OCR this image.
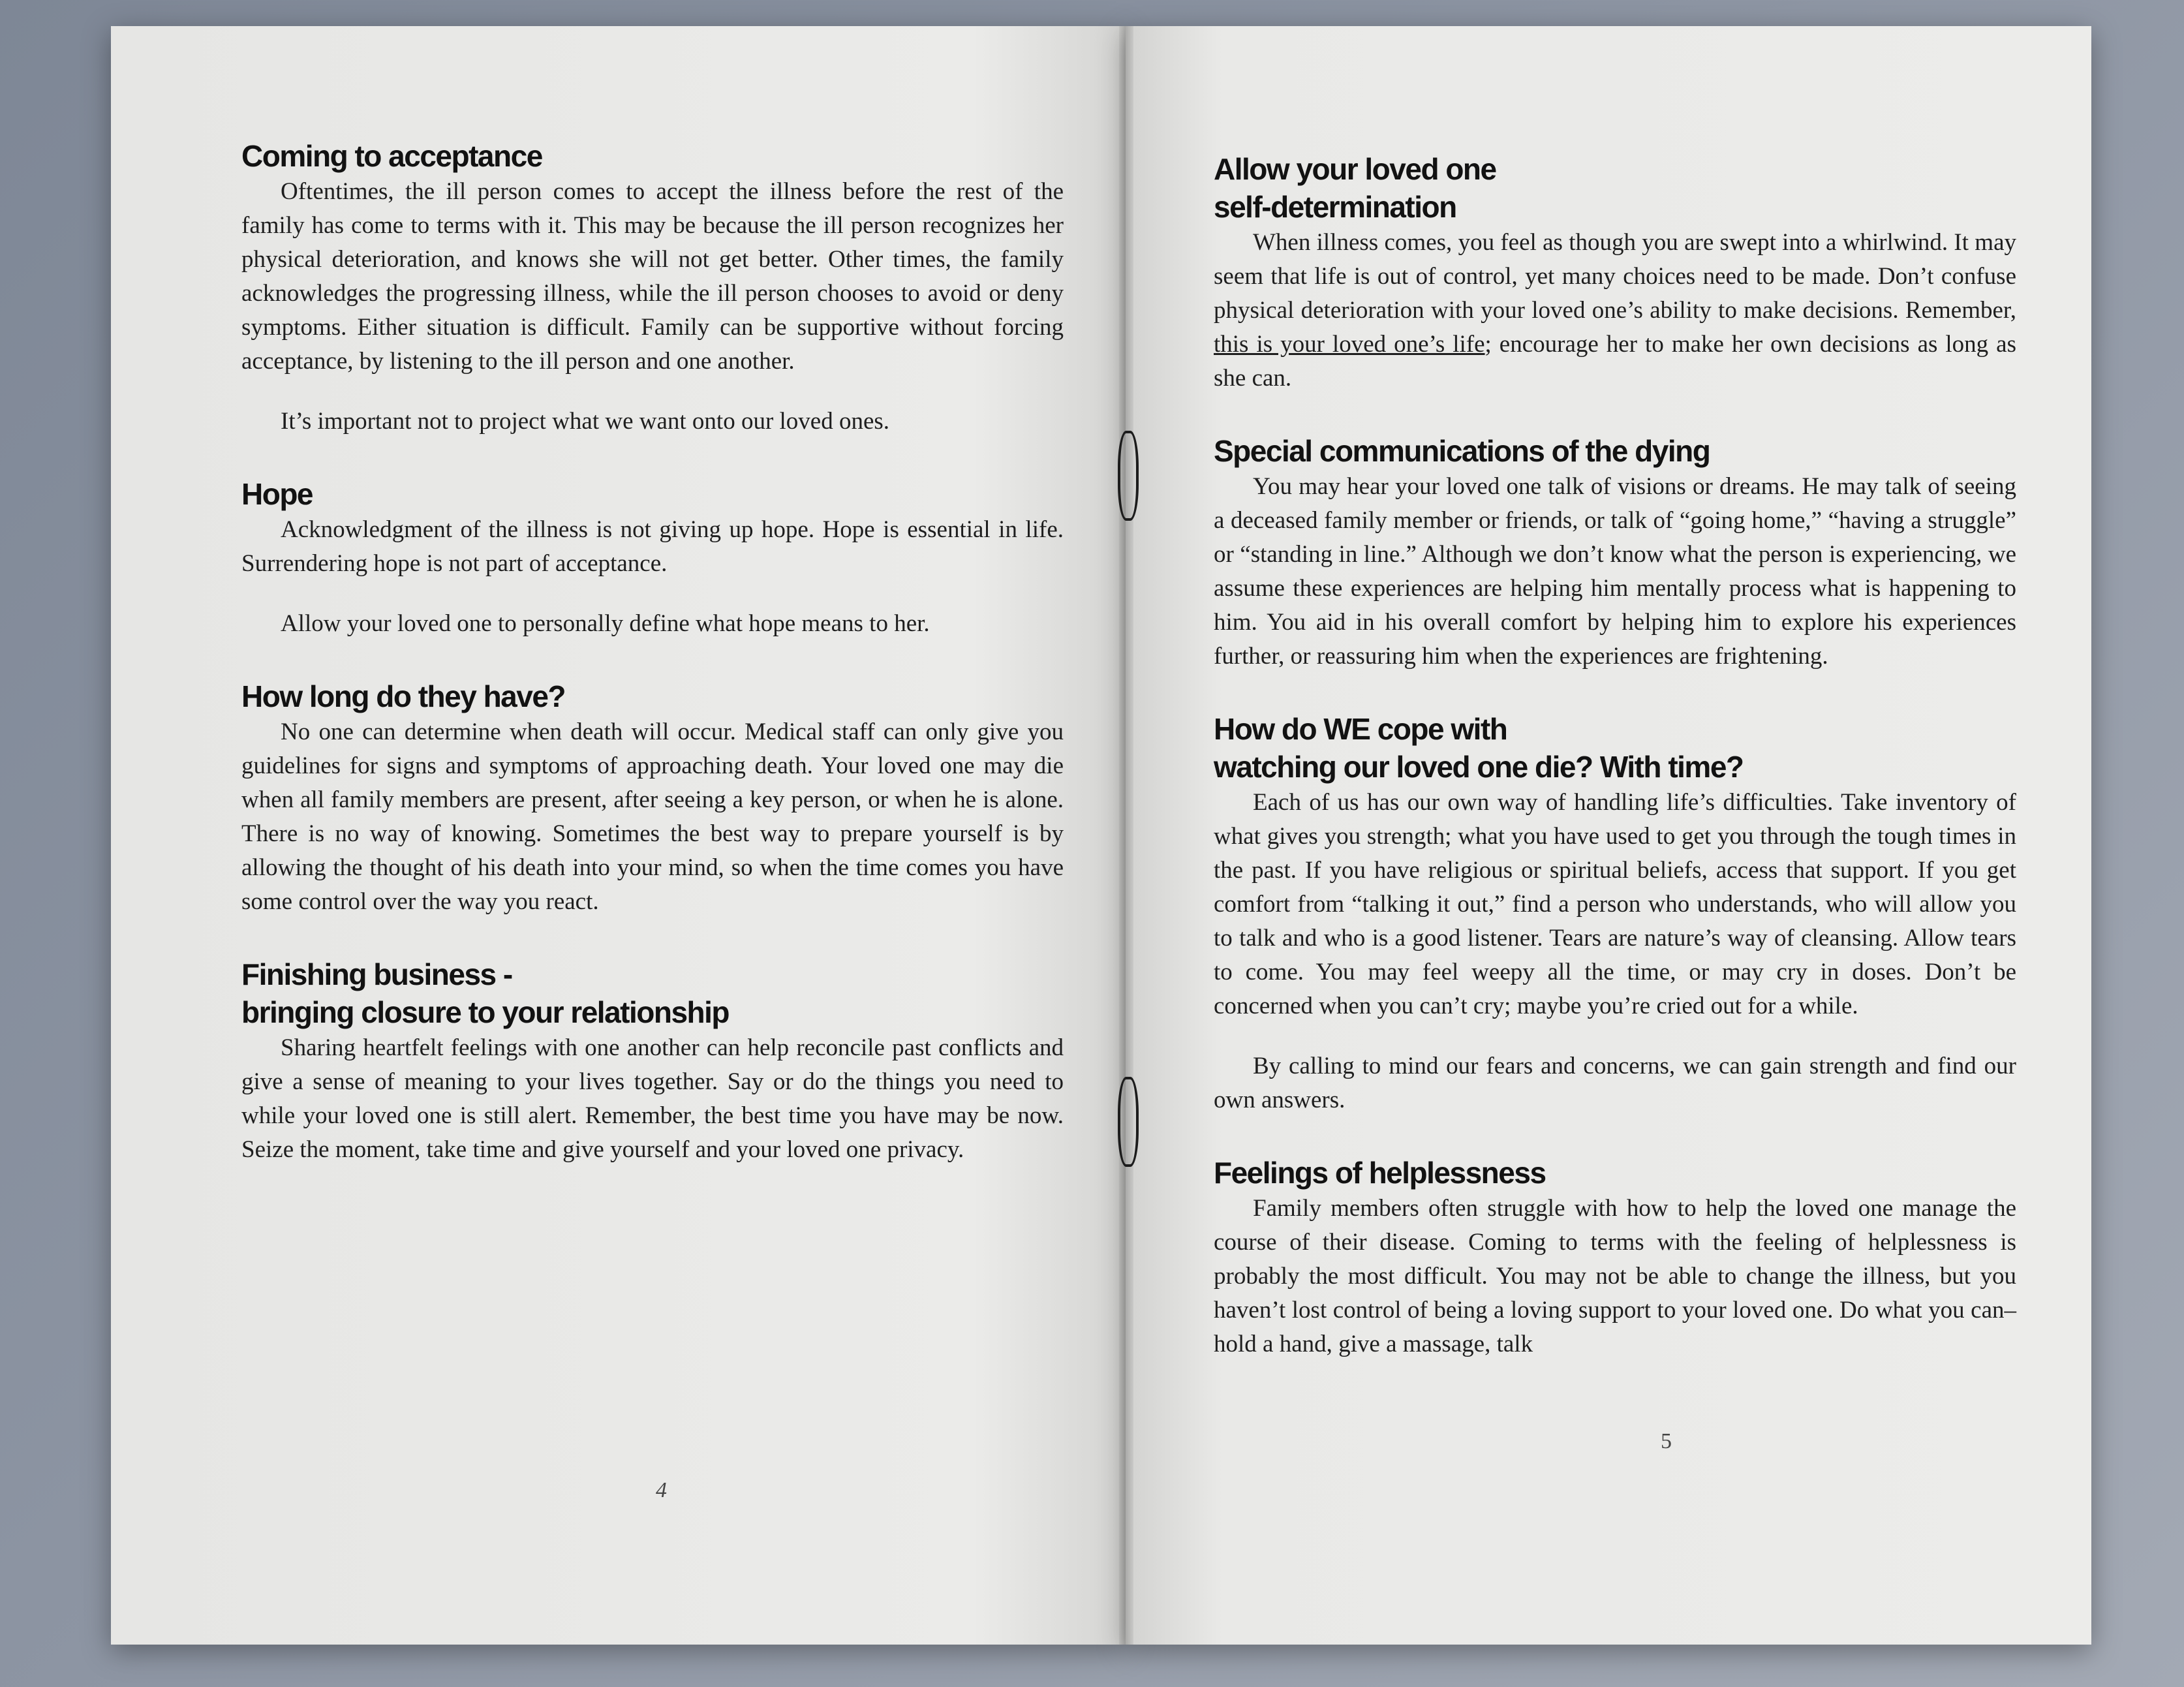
Coming to acceptance

Oftentimes, the ill person comes to accept the illness before the rest of the family has come to terms with it. This may be because the ill person recognizes her physical deterioration, and knows she will not get better. Other times, the family acknowledges the progressing illness, while the ill person chooses to avoid or deny symptoms. Either situation is difficult. Family can be supportive without forcing acceptance, by listening to the ill person and one another.

It’s important not to project what we want onto our loved ones.

Hope

Acknowledgment of the illness is not giving up hope. Hope is essential in life. Surrendering hope is not part of acceptance.

Allow your loved one to personally define what hope means to her.

How long do they have?

No one can determine when death will occur. Medical staff can only give you guidelines for signs and symptoms of approaching death. Your loved one may die when all family members are present, after seeing a key person, or when he is alone. There is no way of knowing. Sometimes the best way to prepare yourself is by allowing the thought of his death into your mind, so when the time comes you have some control over the way you react.

Finishing business -
bringing closure to your relationship

Sharing heartfelt feelings with one another can help reconcile past conflicts and give a sense of meaning to your lives together. Say or do the things you need to while your loved one is still alert. Remember, the best time you have may be now. Seize the moment, take time and give yourself and your loved one privacy.

4
Allow your loved one
self-determination

When illness comes, you feel as though you are swept into a whirlwind. It may seem that life is out of control, yet many choices need to be made. Don’t confuse physical deterioration with your loved one’s ability to make decisions. Remember, this is your loved one’s life; encourage her to make her own decisions as long as she can.

Special communications of the dying

You may hear your loved one talk of visions or dreams. He may talk of seeing a deceased family member or friends, or talk of “going home,” “having a struggle” or “standing in line.” Although we don’t know what the person is experiencing, we assume these experiences are helping him mentally process what is happening to him. You aid in his overall comfort by helping him to explore his experiences further, or reassuring him when the experiences are frightening.

How do WE cope with
watching our loved one die? With time?

Each of us has our own way of handling life’s difficulties. Take inventory of what gives you strength; what you have used to get you through the tough times in the past. If you have religious or spiritual beliefs, access that support. If you get comfort from “talking it out,” find a person who understands, who will allow you to talk and who is a good listener. Tears are nature’s way of cleansing. Allow tears to come. You may feel weepy all the time, or may cry in doses. Don’t be concerned when you can’t cry; maybe you’re cried out for a while.

By calling to mind our fears and concerns, we can gain strength and find our own answers.

Feelings of helplessness

Family members often struggle with how to help the loved one manage the course of their disease. Coming to terms with the feeling of helplessness is probably the most difficult. You may not be able to change the illness, but you haven’t lost control of being a loving support to your loved one. Do what you can–hold a hand, give a massage, talk

5
